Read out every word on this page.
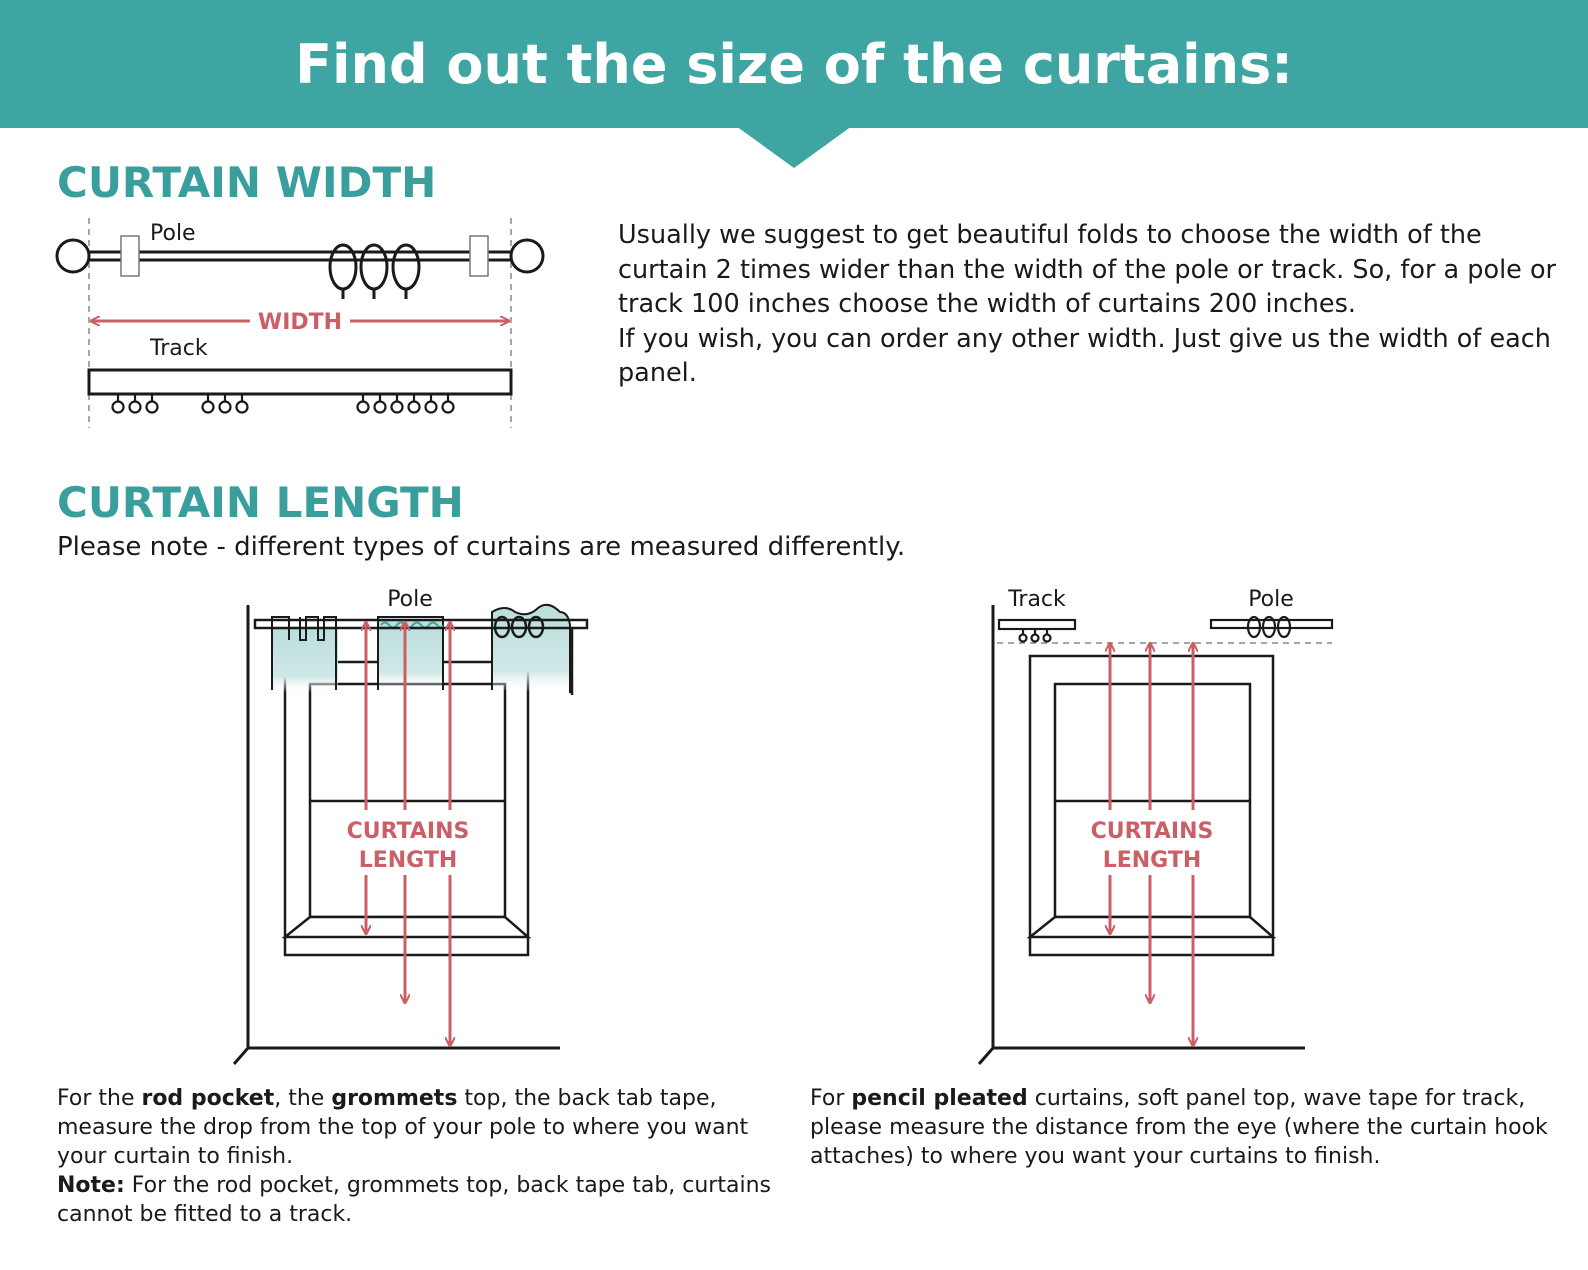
Find out the size of the curtains:
CURTAIN WIDTH
Pole
WIDTH
Track

Usually we suggest to get beautiful folds to choose the width of the curtain 2 times wider than the width of the pole or track. So, for a pole or track 100 inches choose the width of curtains 200 inches.

If you wish, you can order any other width. Just give us the width of each panel.

CURTAIN LENGTH
Please note - different types of curtains are measured differently.
Pole
CURTAINS
LENGTH
Track	Pole
CURTAINS
LENGTH

For the rod pocket, the grommets top, the back tab tape, measure the drop from the top of your pole to where you want your curtain to finish.

Note: For the rod pocket, grommets top, back tape tab, curtains cannot be fitted to a track.

For pencil pleated curtains, soft panel top, wave tape for track, please measure the distance from the eye (where the curtain hook attaches) to where you want your curtains to finish.
